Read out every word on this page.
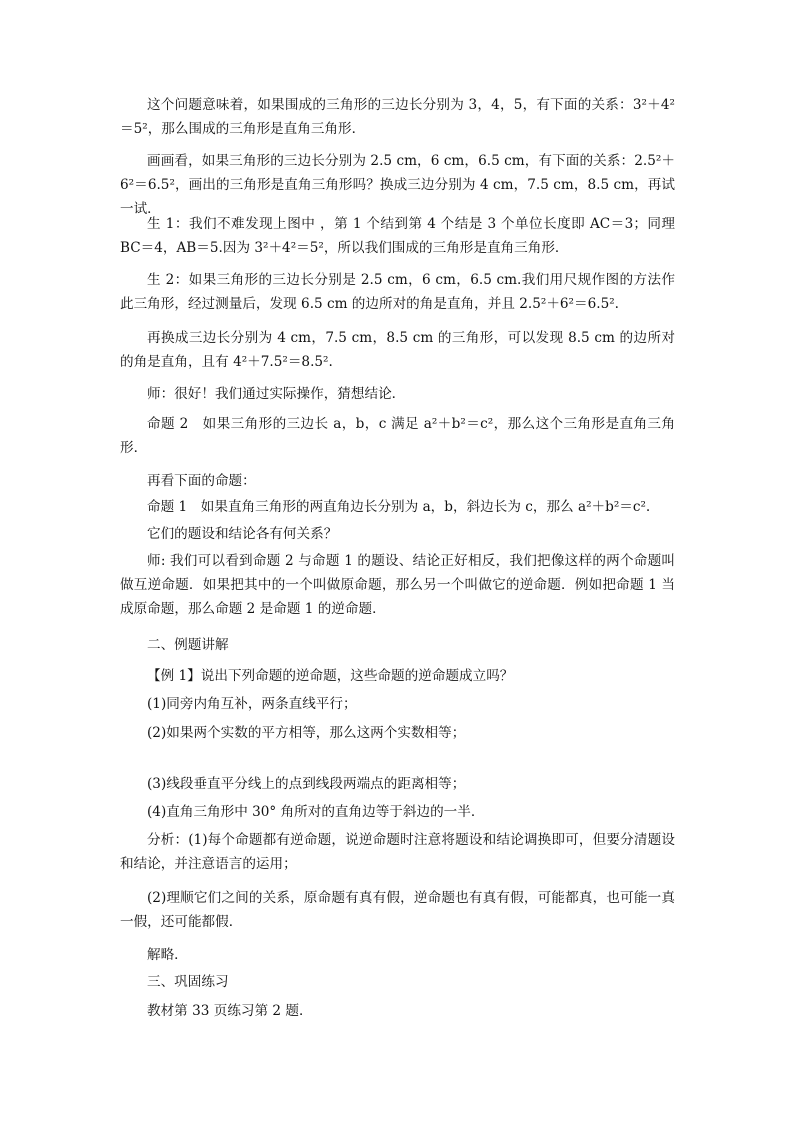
这个问题意味着，如果围成的三角形的三边长分别为 3，4，5，有下面的关系：3²＋4²＝5²，那么围成的三角形是直角三角形．

画画看，如果三角形的三边长分别为 2.5 cm，6 cm，6.5 cm，有下面的关系：2.5²＋6²＝6.5²，画出的三角形是直角三角形吗？换成三边分别为 4 cm，7.5 cm，8.5 cm，再试一试．

生 1：我们不难发现上图中 ，第 1 个结到第 4 个结是 3 个单位长度即 AC＝3；同理 BC＝4，AB＝5.因为 3²＋4²＝5²，所以我们围成的三角形是直角三角形．

生 2：如果三角形的三边长分别是 2.5 cm，6 cm，6.5 cm.我们用尺规作图的方法作此三角形，经过测量后，发现 6.5 cm 的边所对的角是直角，并且 2.5²＋6²＝6.5².

再换成三边长分别为 4 cm，7.5 cm，8.5 cm 的三角形，可以发现 8.5 cm 的边所对的角是直角，且有 4²＋7.5²＝8.5².

师：很好！我们通过实际操作，猜想结论．

命题 2　如果三角形的三边长 a，b，c 满足 a²＋b²＝c²，那么这个三角形是直角三角形．

再看下面的命题：

命题 1　如果直角三角形的两直角边长分别为 a，b，斜边长为 c，那么 a²＋b²＝c².

它们的题设和结论各有何关系？

师: 我们可以看到命题 2 与命题 1 的题设、结论正好相反，我们把像这样的两个命题叫做互逆命题．如果把其中的一个叫做原命题，那么另一个叫做它的逆命题．例如把命题 1 当成原命题，那么命题 2 是命题 1 的逆命题．

二、例题讲解

【例 1】说出下列命题的逆命题，这些命题的逆命题成立吗？

(1)同旁内角互补，两条直线平行；

(2)如果两个实数的平方相等，那么这两个实数相等；

(3)线段垂直平分线上的点到线段两端点的距离相等；

(4)直角三角形中 30° 角所对的直角边等于斜边的一半．

分析：(1)每个命题都有逆命题，说逆命题时注意将题设和结论调换即可，但要分清题设和结论，并注意语言的运用；

(2)理顺它们之间的关系，原命题有真有假，逆命题也有真有假，可能都真，也可能一真一假，还可能都假．

解略．

三、巩固练习

教材第 33 页练习第 2 题．
